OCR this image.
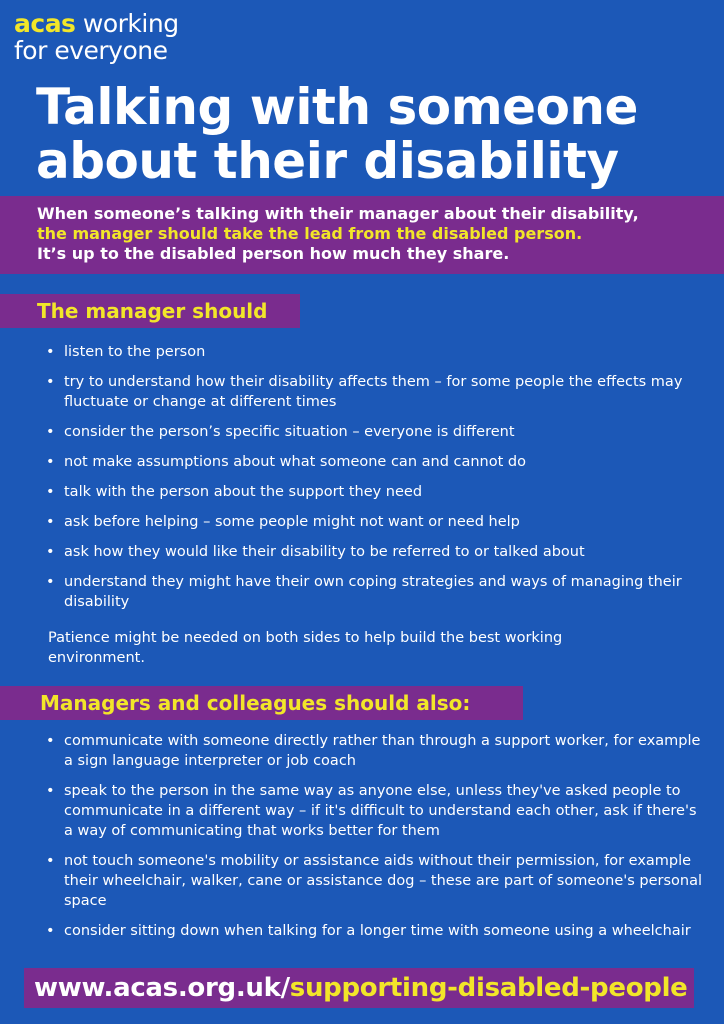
acas working
for everyone
Talking with someone
about their disability
When someone’s talking with their manager about their disability,
the manager should take the lead from the disabled person.
It’s up to the disabled person how much they share.
The manager should
• listen to the person
• try to understand how their disability affects them – for some people the effects may fluctuate or change at different times
• consider the person’s specific situation – everyone is different
• not make assumptions about what someone can and cannot do
• talk with the person about the support they need
• ask before helping – some people might not want or need help
• ask how they would like their disability to be referred to or talked about
• understand they might have their own coping strategies and ways of managing their disability

Patience might be needed on both sides to help build the best working environment.

Managers and colleagues should also:
• communicate with someone directly rather than through a support worker, for example a sign language interpreter or job coach
• speak to the person in the same way as anyone else, unless they've asked people to communicate in a different way – if it's difficult to understand each other, ask if there's a way of communicating that works better for them
• not touch someone's mobility or assistance aids without their permission, for example their wheelchair, walker, cane or assistance dog – these are part of someone's personal space
• consider sitting down when talking for a longer time with someone using a wheelchair
www.acas.org.uk/supporting-disabled-people
